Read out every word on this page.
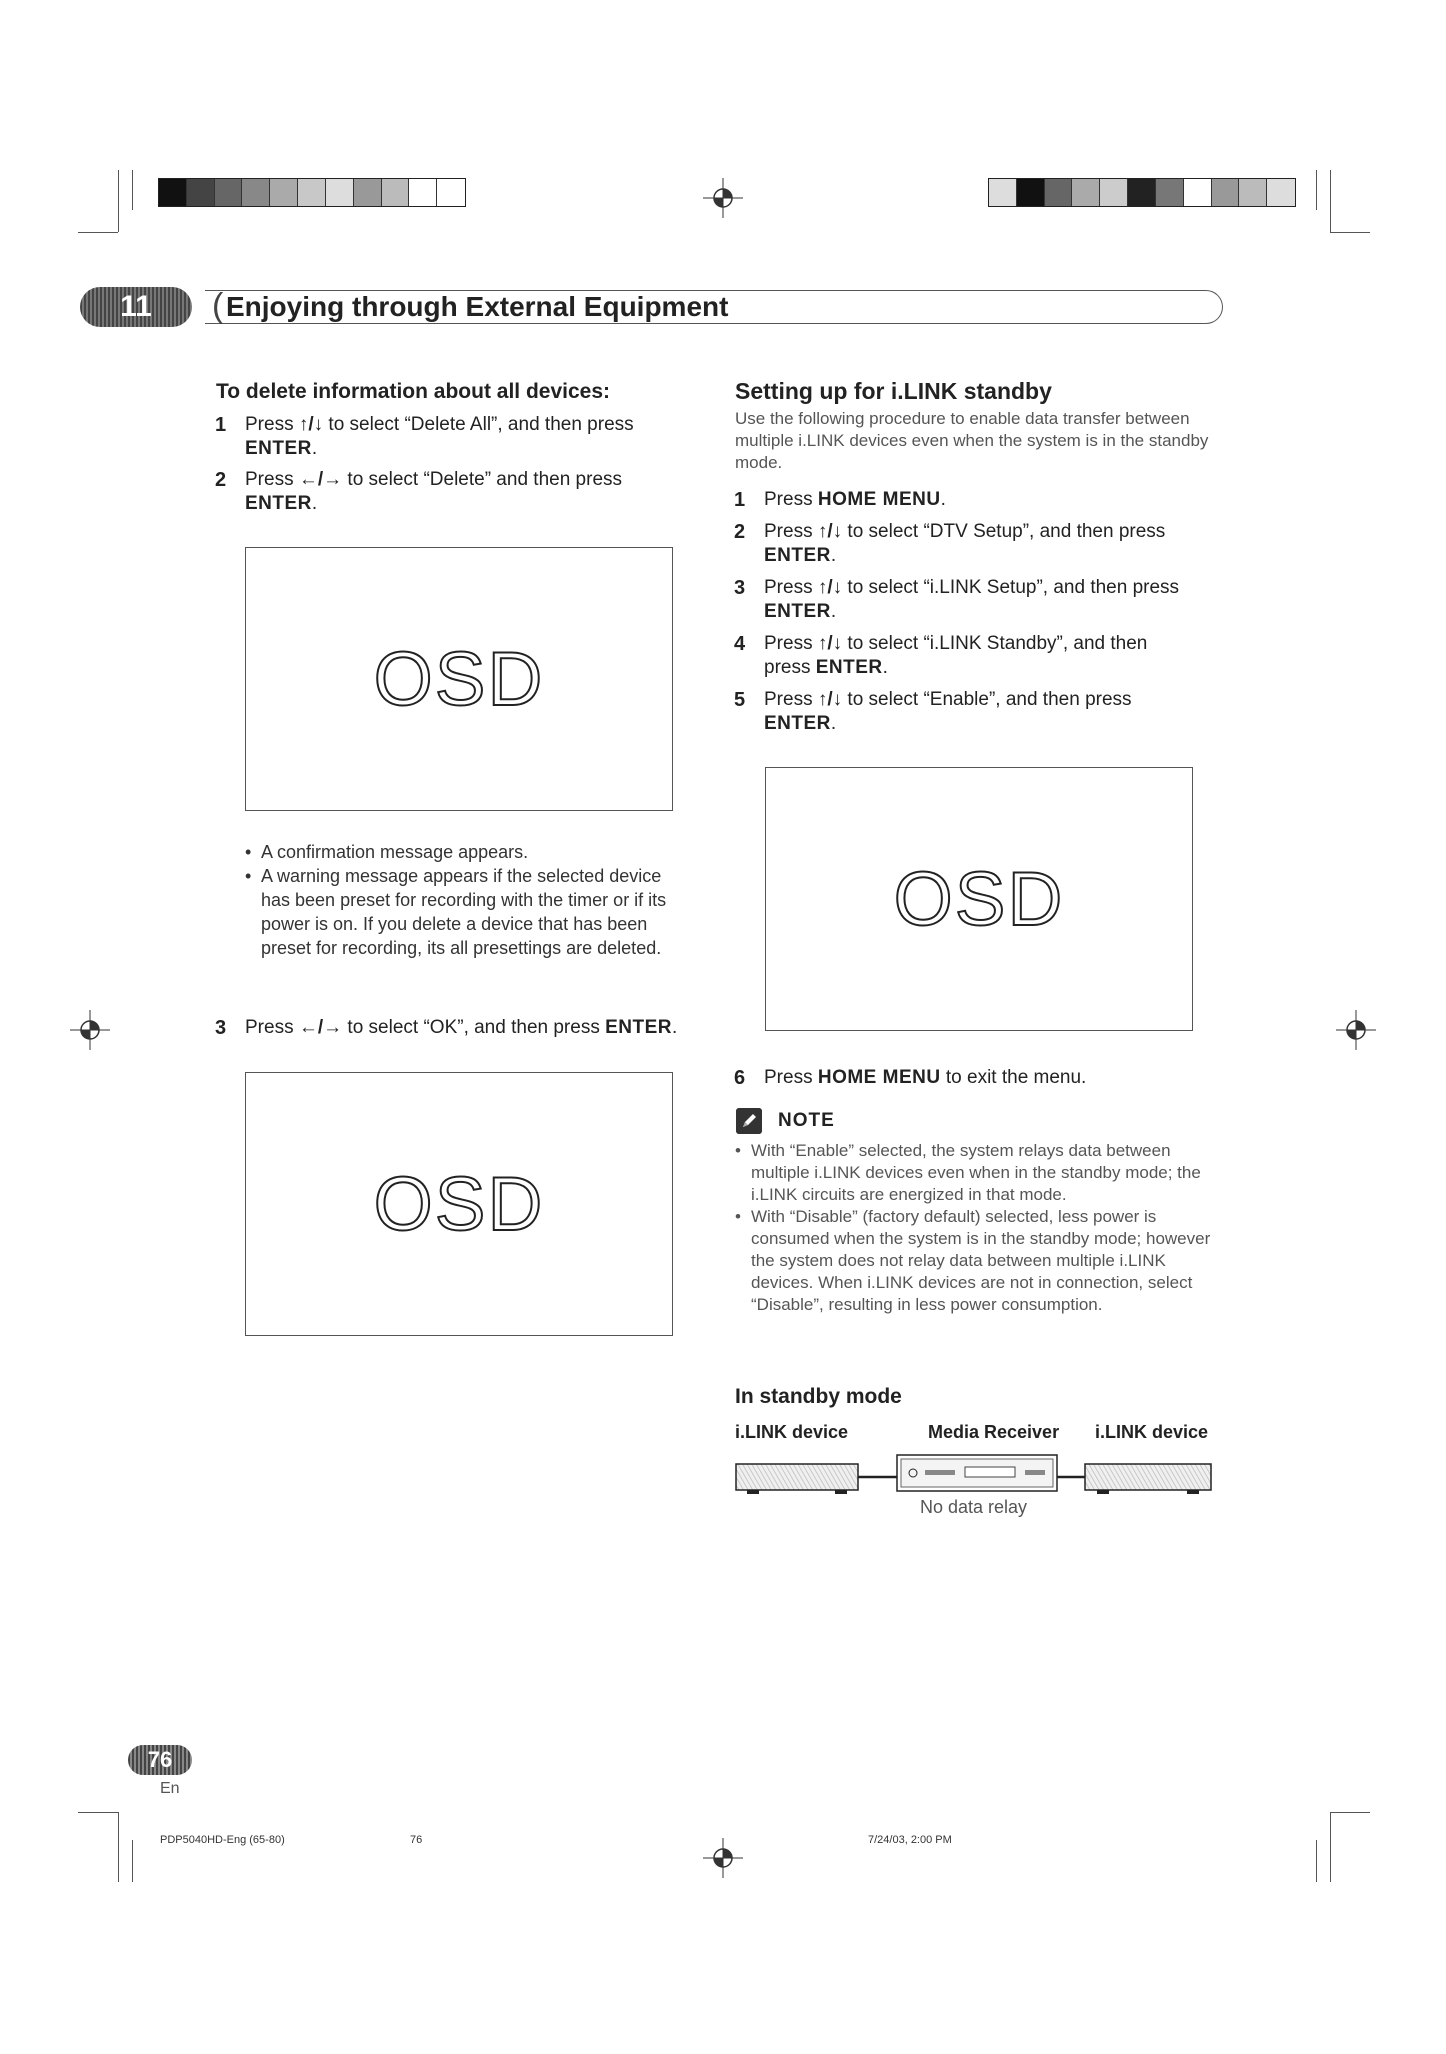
11	( Enjoying through External Equipment
To delete information about all devices:
1 Press ↑/↓ to select “Delete All”, and then press
ENTER.
2 Press ←/→ to select “Delete” and then press
ENTER.
OSD
• A confirmation message appears.
• A warning message appears if the selected device has been preset for recording with the timer or if its power is on. If you delete a device that has been preset for recording, its all presettings are deleted.
3 Press ←/→ to select “OK”, and then press ENTER.
OSD
Setting up for i.LINK standby
Use the following procedure to enable data transfer between multiple i.LINK devices even when the system is in the standby mode.
1 Press HOME MENU.
2 Press ↑/↓ to select “DTV Setup”, and then press
ENTER.
3 Press ↑/↓ to select “i.LINK Setup”, and then press ENTER.
4 Press ↑/↓ to select “i.LINK Standby”, and then press ENTER.
5 Press ↑/↓ to select “Enable”, and then press
ENTER.
OSD
6 Press HOME MENU to exit the menu.
NOTE
• With “Enable” selected, the system relays data between multiple i.LINK devices even when in the standby mode; the i.LINK circuits are energized in that mode.
• With “Disable” (factory default) selected, less power is consumed when the system is in the standby mode; however the system does not relay data between multiple i.LINK devices. When i.LINK devices are not in connection, select “Disable”, resulting in less power consumption.
In standby mode
i.LINK device	Media Receiver i.LINK device
No data relay
76
En
PDP5040HD-Eng (65-80)	76	7/24/03, 2:00 PM
